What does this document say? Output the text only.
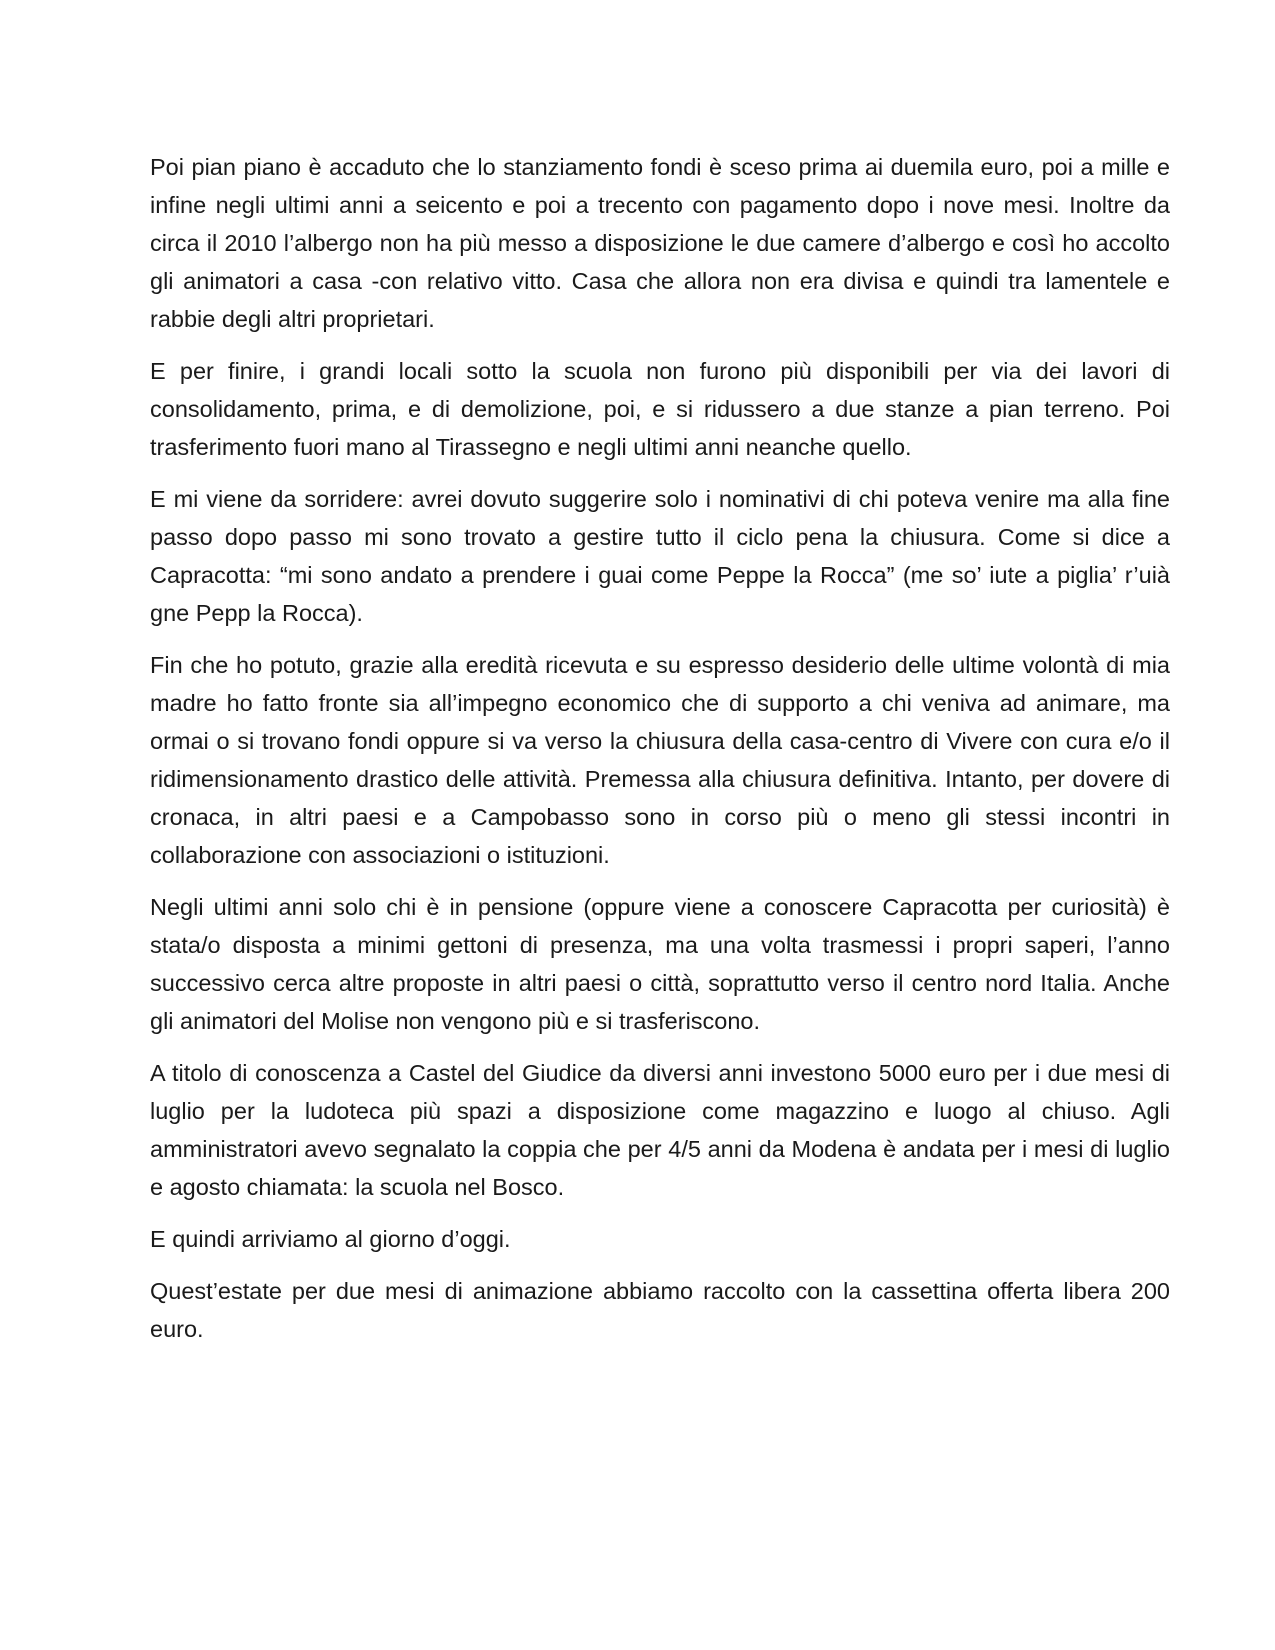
Poi pian piano è accaduto che lo stanziamento fondi è sceso prima ai duemila euro, poi a mille e infine negli ultimi anni a seicento e poi a trecento con pagamento dopo i nove mesi. Inoltre da circa il 2010 l’albergo non ha più messo a disposizione le due camere d’albergo e così ho accolto gli animatori a casa -con relativo vitto. Casa che allora non era divisa e quindi tra lamentele e rabbie degli altri proprietari.

E per finire, i grandi locali sotto la scuola non furono più disponibili per via dei lavori di consolidamento, prima, e di demolizione, poi, e si ridussero a due stanze a pian terreno. Poi trasferimento fuori mano al Tirassegno e negli ultimi anni neanche quello.

E mi viene da sorridere: avrei dovuto suggerire solo i nominativi di chi poteva venire ma alla fine passo dopo passo mi sono trovato a gestire tutto il ciclo pena la chiusura. Come si dice a Capracotta: “mi sono andato a prendere i guai come Peppe la Rocca” (me so’ iute a piglia’ r’uià gne Pepp la Rocca).

Fin che ho potuto, grazie alla eredità ricevuta e su espresso desiderio delle ultime volontà di mia madre ho fatto fronte sia all’impegno economico che di supporto a chi veniva ad animare, ma ormai o si trovano fondi oppure si va verso la chiusura della casa-centro di Vivere con cura e/o il ridimensionamento drastico delle attività. Premessa alla chiusura definitiva. Intanto, per dovere di cronaca, in altri paesi e a Campobasso sono in corso più o meno gli stessi incontri in collaborazione con associazioni o istituzioni.

Negli ultimi anni solo chi è in pensione (oppure viene a conoscere Capracotta per curiosità) è stata/o disposta a minimi gettoni di presenza, ma una volta trasmessi i propri saperi, l’anno successivo cerca altre proposte in altri paesi o città, soprattutto verso il centro nord Italia. Anche gli animatori del Molise non vengono più e si trasferiscono.

A titolo di conoscenza a Castel del Giudice da diversi anni investono 5000 euro per i due mesi di luglio per la ludoteca più spazi a disposizione come magazzino e luogo al chiuso. Agli amministratori avevo segnalato la coppia che per 4/5 anni da Modena è andata per i mesi di luglio e agosto chiamata: la scuola nel Bosco.

E quindi arriviamo al giorno d’oggi.

Quest’estate per due mesi di animazione abbiamo raccolto con la cassettina offerta libera 200 euro.
